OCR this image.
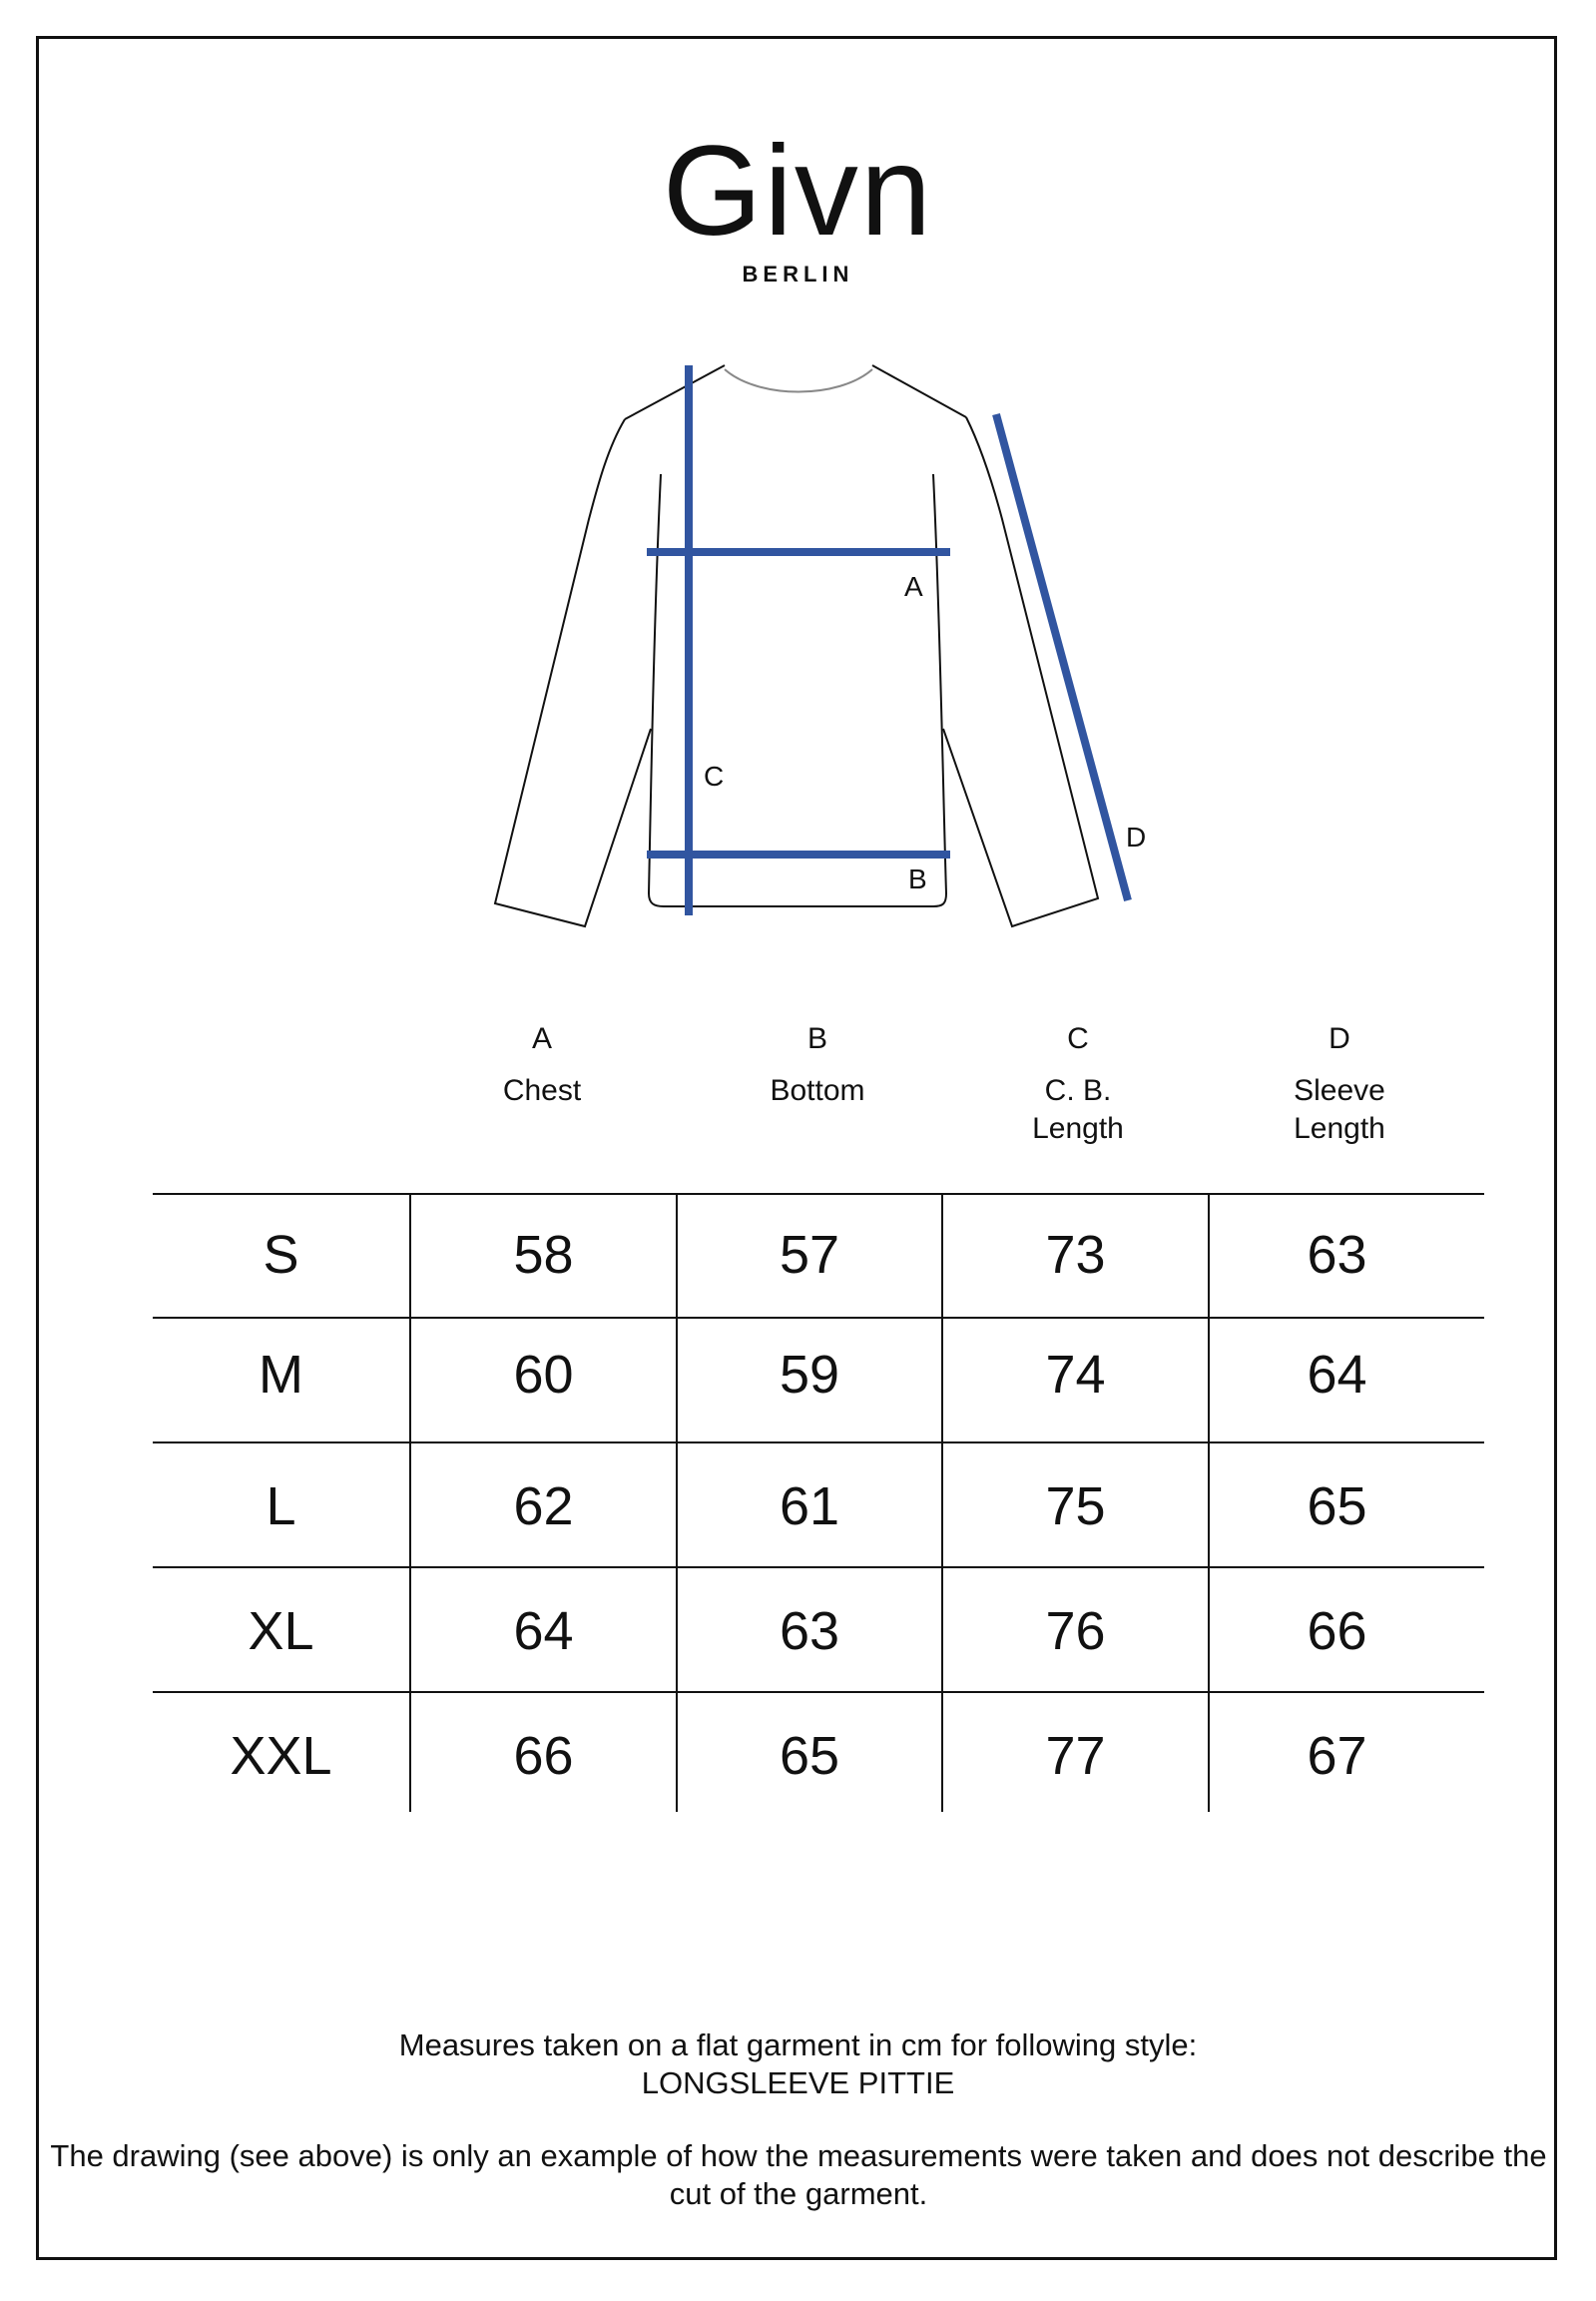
Givn
BERLIN
A
B
C
D
A
Chest
B
Bottom
C
C. B. Length
D
Sleeve Length
S	58	57	73	63
M	60	59	74	64
L	62	61	75	65
XL	64	63	76	66
XXL	66	65	77	67
Measures taken on a flat garment in cm for following style:
LONGSLEEVE PITTIE
The drawing (see above) is only an example of how the measurements were taken and does not describe the cut of the garment.
